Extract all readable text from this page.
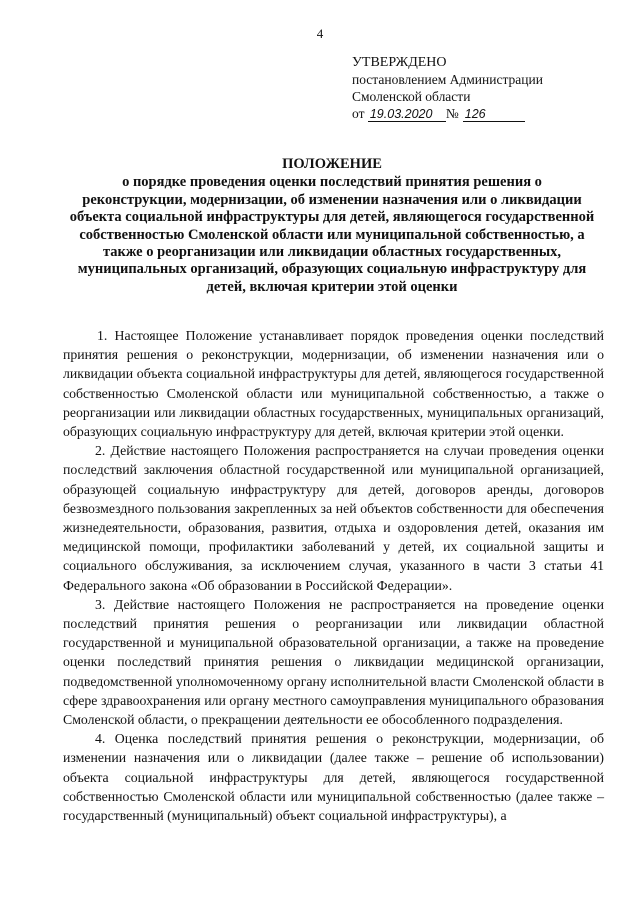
4
УТВЕРЖДЕНО
постановлением Администрации
Смоленской области
от
19.03.2020 № 126
ПОЛОЖЕНИЕ
о порядке проведения оценки последствий принятия решения о
реконструкции, модернизации, об изменении назначения или о ликвидации
объекта социальной инфраструктуры для детей, являющегося государственной
собственностью Смоленской области или муниципальной собственностью, а
также о реорганизации или ликвидации областных государственных,
муниципальных организаций, образующих социальную инфраструктуру для
детей, включая критерии этой оценки

1. Настоящее Положение устанавливает порядок проведения оценки последствий принятия решения о реконструкции, модернизации, об изменении назначения или о ликвидации объекта социальной инфраструктуры для детей, являющегося государственной собственностью Смоленской области или муниципальной собственностью, а также о реорганизации или ликвидации областных государственных, муниципальных организаций, образующих социальную инфраструктуру для детей, включая критерии этой оценки.

2. Действие настоящего Положения распространяется на случаи проведения оценки последствий заключения областной государственной или муниципальной организацией, образующей социальную инфраструктуру для детей, договоров аренды, договоров безвозмездного пользования закрепленных за ней объектов собственности для обеспечения жизнедеятельности, образования, развития, отдыха и оздоровления детей, оказания им медицинской помощи, профилактики заболеваний у детей, их социальной защиты и социального обслуживания, за исключением случая, указанного в части 3 статьи 41 Федерального закона «Об образовании в Российской Федерации».

3. Действие настоящего Положения не распространяется на проведение оценки последствий принятия решения о реорганизации или ликвидации областной государственной и муниципальной образовательной организации, а также на проведение оценки последствий принятия решения о ликвидации медицинской организации, подведомственной уполномоченному органу исполнительной власти Смоленской области в сфере здравоохранения или органу местного самоуправления муниципального образования Смоленской области, о прекращении деятельности ее обособленного подразделения.

4. Оценка последствий принятия решения о реконструкции, модернизации, об изменении назначения или о ликвидации (далее также – решение об использовании) объекта социальной инфраструктуры для детей, являющегося государственной собственностью Смоленской области или муниципальной собственностью (далее также – государственный (муниципальный) объект социальной инфраструктуры), а
